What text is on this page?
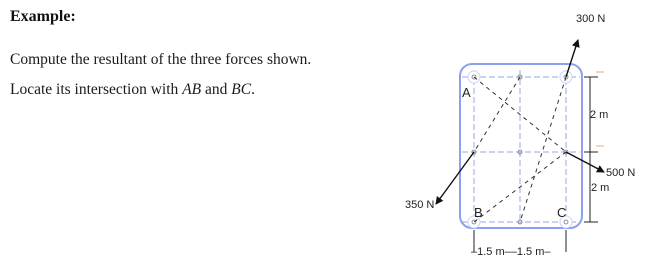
Example:

Compute the resultant of the three forces shown.

Locate its intersection with AB and BC.	A
B	C
300 N
500 N
350 N
2 m
2 m
–1.5 m––1.5 m–
